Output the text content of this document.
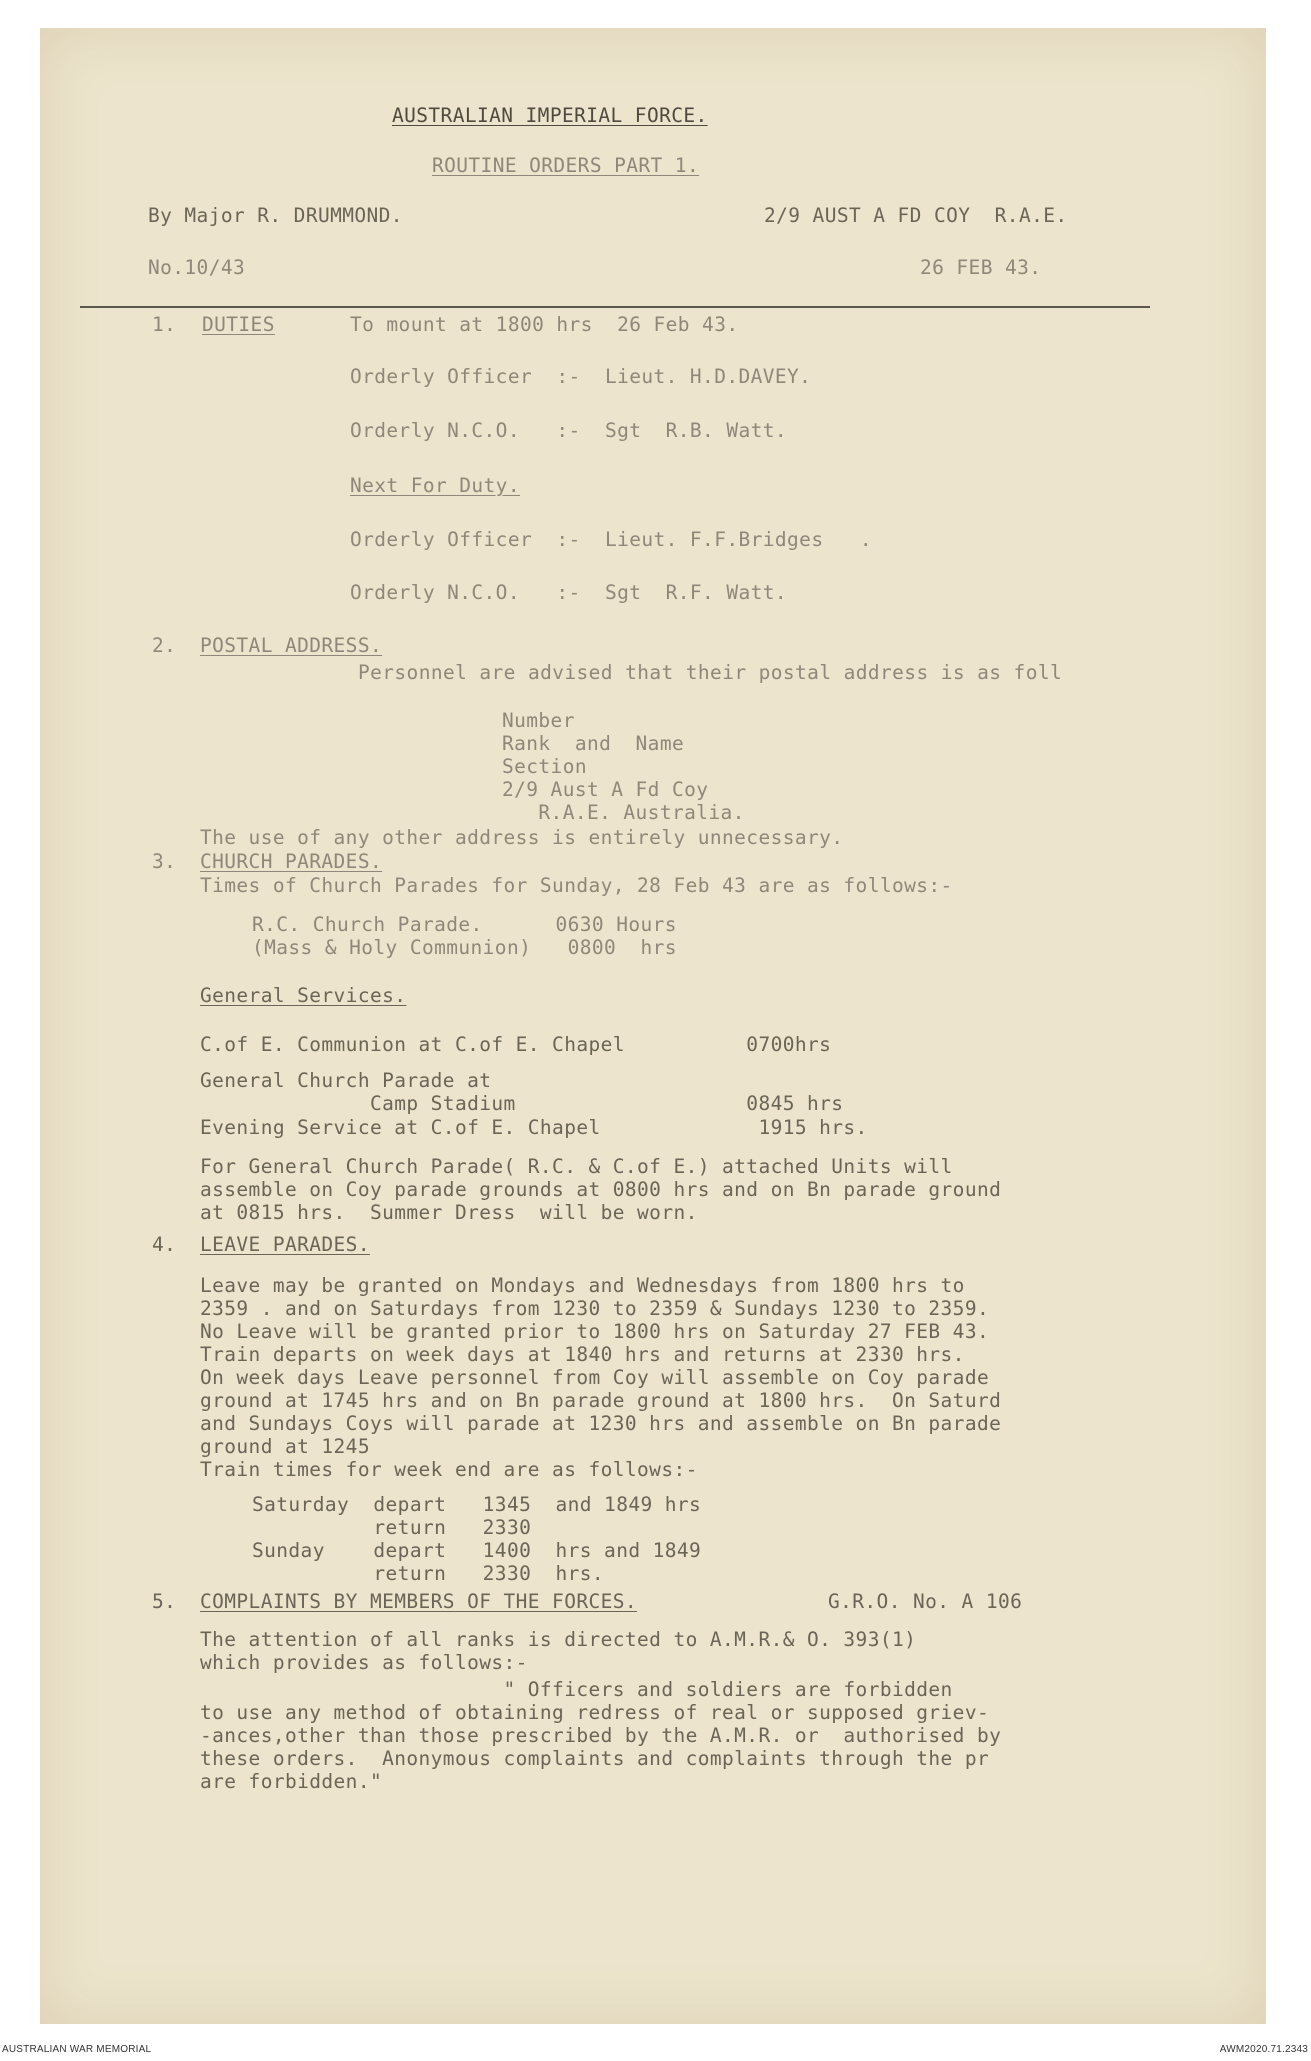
AUSTRALIAN IMPERIAL FORCE.

ROUTINE ORDERS PART 1.

By Major R. DRUMMOND.	2/9 AUST A FD COY  R.A.E.

No.10/43	26 FEB 43.

1. DUTIES	To mount at 1800 hrs  26 Feb 43.

Orderly Officer  :-  Lieut. H.D.DAVEY.

Orderly N.C.O.   :-  Sgt  R.B. Watt.

Next For Duty.

Orderly Officer  :-  Lieut. F.F.Bridges   .

Orderly N.C.O.   :-  Sgt  R.F. Watt.

2. POSTAL ADDRESS.

Personnel are advised that their postal address is as foll

Number

Rank  and  Name

Section

2/9 Aust A Fd Coy

R.A.E. Australia.

The use of any other address is entirely unnecessary.

3. CHURCH PARADES.

Times of Church Parades for Sunday, 28 Feb 43 are as follows:-

R.C. Church Parade.      0630 Hours

(Mass & Holy Communion)   0800  hrs

General Services.

C.of E. Communion at C.of E. Chapel          0700hrs

General Church Parade at

Camp Stadium                   0845 hrs

Evening Service at C.of E. Chapel             1915 hrs.

For General Church Parade( R.C. & C.of E.) attached Units will

assemble on Coy parade grounds at 0800 hrs and on Bn parade ground

at 0815 hrs.  Summer Dress  will be worn.

4. LEAVE PARADES.

Leave may be granted on Mondays and Wednesdays from 1800 hrs to

2359 . and on Saturdays from 1230 to 2359 & Sundays 1230 to 2359.

No Leave will be granted prior to 1800 hrs on Saturday 27 FEB 43.

Train departs on week days at 1840 hrs and returns at 2330 hrs.

On week days Leave personnel from Coy will assemble on Coy parade

ground at 1745 hrs and on Bn parade ground at 1800 hrs.  On Saturd

and Sundays Coys will parade at 1230 hrs and assemble on Bn parade

ground at 1245

Train times for week end are as follows:-

Saturday  depart   1345  and 1849 hrs

return   2330

Sunday    depart   1400  hrs and 1849

return   2330  hrs.

5. COMPLAINTS BY MEMBERS OF THE FORCES.	G.R.O. No. A 106

The attention of all ranks is directed to A.M.R.& O. 393(1)

which provides as follows:-

" Officers and soldiers are forbidden

to use any method of obtaining redress of real or supposed griev-

-ances,other than those prescribed by the A.M.R. or  authorised by

these orders.  Anonymous complaints and complaints through the pr

are forbidden."

AUSTRALIAN WAR MEMORIAL	AWM2020.71.2343
